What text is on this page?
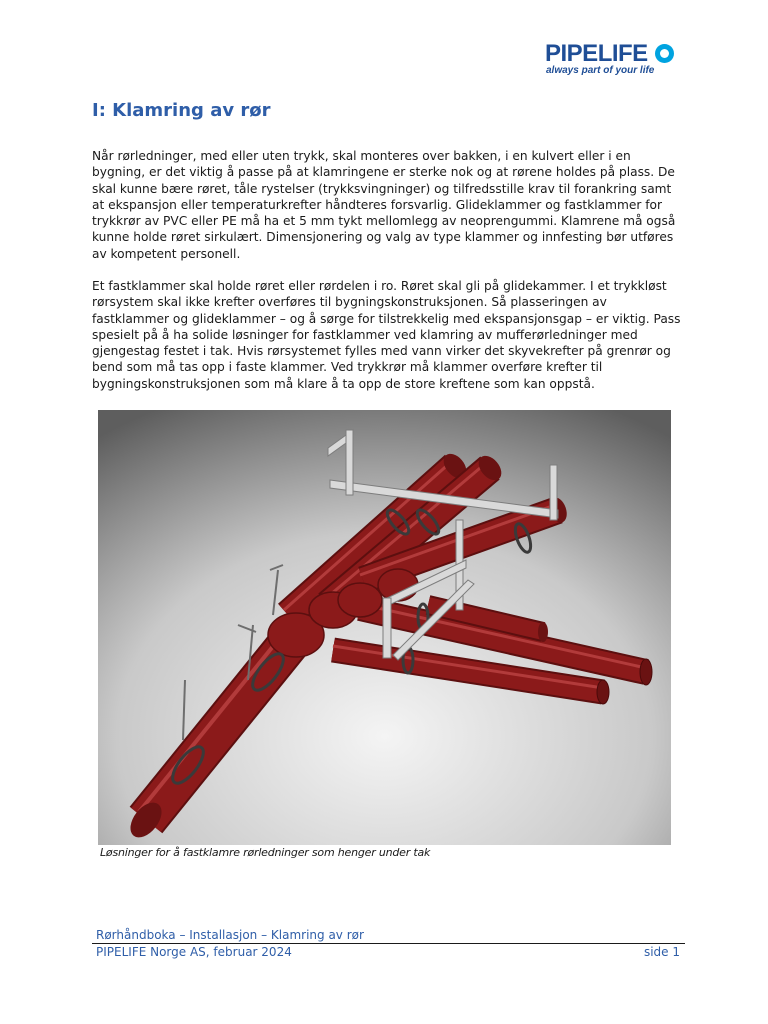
PIPELIFE
always part of your life
I: Klamring av rør

Når rørledninger, med eller uten trykk, skal monteres over bakken, i en kulvert eller i en bygning, er det viktig å passe på at klamringene er sterke nok og at rørene holdes på plass. De skal kunne bære røret, tåle rystelser (trykksvingninger) og tilfredsstille krav til forankring samt at ekspansjon eller temperaturkrefter håndteres forsvarlig. Glideklammer og fastklammer for trykkrør av PVC eller PE må ha et 5 mm tykt mellomlegg av neoprengummi. Klamrene må også kunne holde røret sirkulært. Dimensjonering og valg av type klammer og innfesting bør utføres av kompetent personell.

Et fastklammer skal holde røret eller rørdelen i ro. Røret skal gli på glidekammer. I et trykkløst rørsystem skal ikke krefter overføres til bygningskonstruksjonen. Så plasseringen av fastklammer og glideklammer – og å sørge for tilstrekkelig med ekspansjonsgap – er viktig. Pass spesielt på å ha solide løsninger for fastklammer ved klamring av mufferørledninger med gjengestag festet i tak. Hvis rørsystemet fylles med vann virker det skyvekrefter på grenrør og bend som må tas opp i faste klammer. Ved trykkrør må klammer overføre krefter til bygningskonstruksjonen som må klare å ta opp de store kreftene som kan oppstå.

Løsninger for å fastklamre rørledninger som henger under tak

Rørhåndboka – Installasjon – Klamring av rør
PIPELIFE Norge AS, februar 2024	side 1
